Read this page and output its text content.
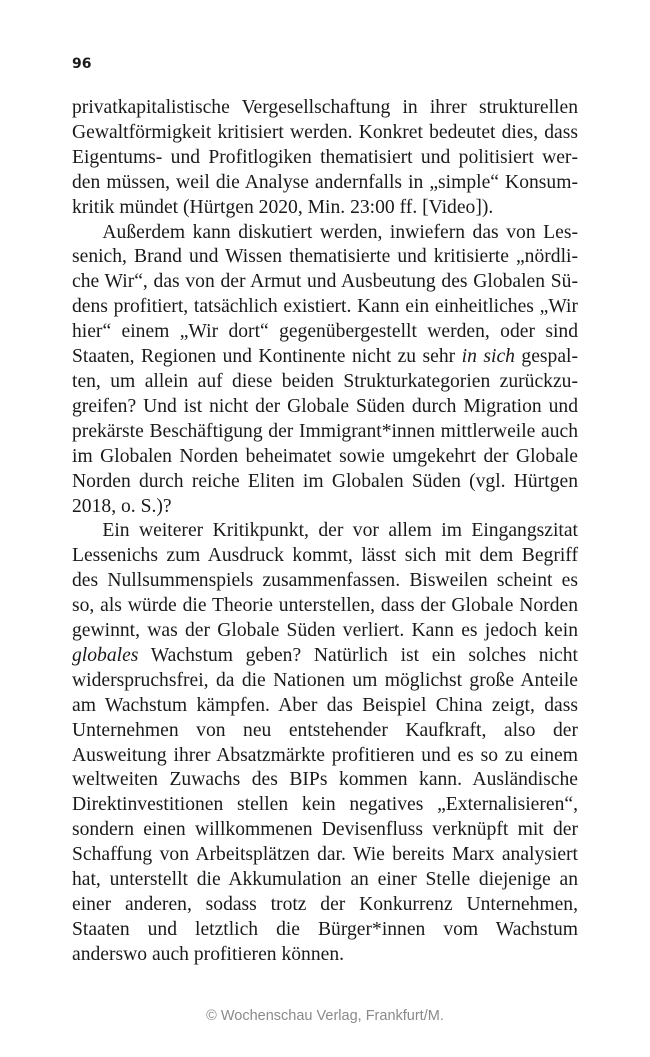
96

privatkapitalistische Vergesellschaftung in ihrer strukturellen Gewaltförmigkeit kritisiert werden. Konkret bedeutet dies, dass Eigentums- und Profitlogiken thematisiert und politisiert werden müssen, weil die Analyse andernfalls in „simple“ Konsumkritik mündet (Hürtgen 2020, Min. 23:00 ff. [Video]).

Außerdem kann diskutiert werden, inwiefern das von Lessenich, Brand und Wissen thematisierte und kritisierte „nördliche Wir“, das von der Armut und Ausbeutung des Globalen Südens profitiert, tatsächlich existiert. Kann ein einheitliches „Wir hier“ einem „Wir dort“ gegenübergestellt werden, oder sind Staaten, Regionen und Kontinente nicht zu sehr in sich gespalten, um allein auf diese beiden Strukturkategorien zurückzugreifen? Und ist nicht der Globale Süden durch Migration und prekärste Beschäftigung der Immigrant*innen mittlerweile auch im Globalen Norden beheimatet sowie umgekehrt der Globale Norden durch reiche Eliten im Globalen Süden (vgl. Hürtgen 2018, o. S.)?

Ein weiterer Kritikpunkt, der vor allem im Eingangszitat Lessenichs zum Ausdruck kommt, lässt sich mit dem Begriff des Nullsummenspiels zusammenfassen. Bisweilen scheint es so, als würde die Theorie unterstellen, dass der Globale Norden gewinnt, was der Globale Süden verliert. Kann es jedoch kein globales Wachstum geben? Natürlich ist ein solches nicht widerspruchsfrei, da die Nationen um möglichst große Anteile am Wachstum kämpfen. Aber das Beispiel China zeigt, dass Unternehmen von neu entstehender Kaufkraft, also der Ausweitung ihrer Absatzmärkte profitieren und es so zu einem weltweiten Zuwachs des BIPs kommen kann. Ausländische Direktinvestitionen stellen kein negatives „Externalisieren“, sondern einen willkommenen Devisenfluss verknüpft mit der Schaffung von Arbeitsplätzen dar. Wie bereits Marx analysiert hat, unterstellt die Akkumulation an einer Stelle diejenige an einer anderen, sodass trotz der Konkurrenz Unternehmen, Staaten und letztlich die Bürger*innen vom Wachstum anderswo auch profitieren können.

© Wochenschau Verlag, Frankfurt/M.
